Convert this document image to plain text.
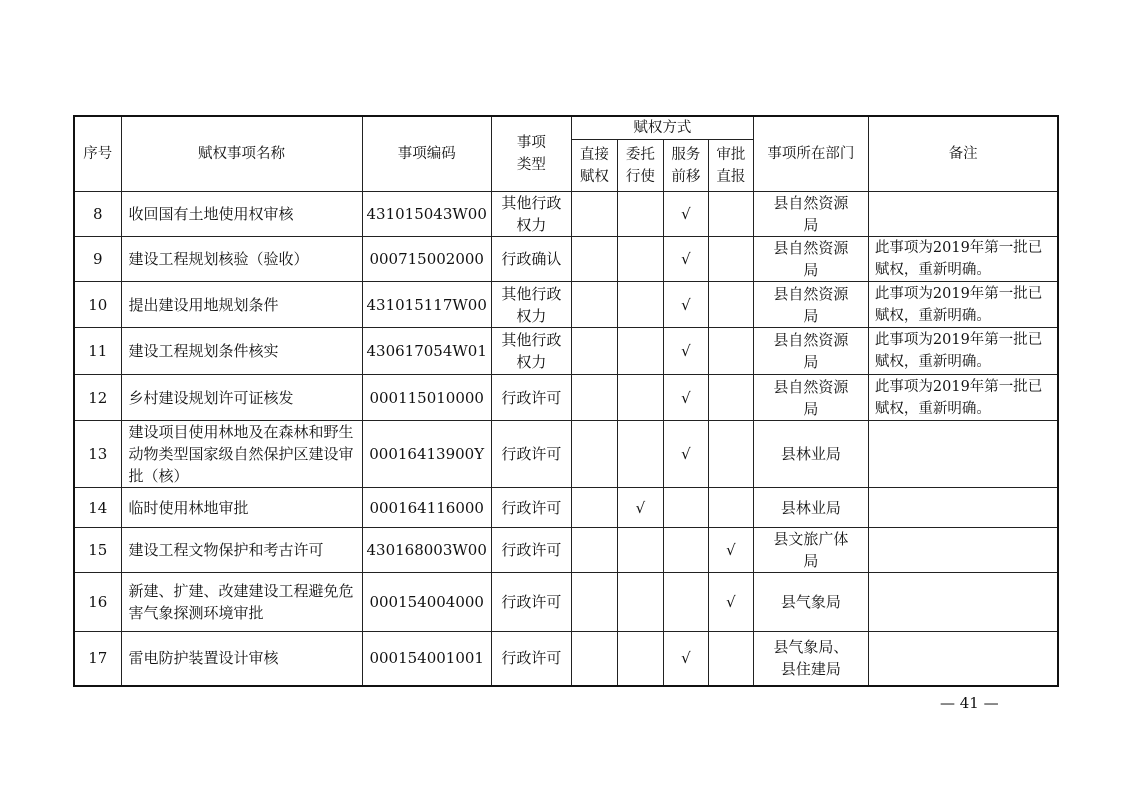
序号	赋权事项名称	事项编码	事项类型	赋权方式				事项所在部门	备注
				直接赋权	委托行使	服务前移	审批直报		
8	收回国有土地使用权审核	431015043W00	其他行政权力			√		县自然资源局	
9	建设工程规划核验（验收）	000715002000	行政确认			√		县自然资源局	此事项为2019年第一批已赋权，重新明确。
10	提出建设用地规划条件	431015117W00	其他行政权力			√		县自然资源局	此事项为2019年第一批已赋权，重新明确。
11	建设工程规划条件核实	430617054W01	其他行政权力			√		县自然资源局	此事项为2019年第一批已赋权，重新明确。
12	乡村建设规划许可证核发	000115010000	行政许可			√		县自然资源局	此事项为2019年第一批已赋权，重新明确。
13	建设项目使用林地及在森林和野生动物类型国家级自然保护区建设审批（核）	00016413900Y	行政许可			√		县林业局	
14	临时使用林地审批	000164116000	行政许可		√			县林业局	
15	建设工程文物保护和考古许可	430168003W00	行政许可				√	县文旅广体局	
16	新建、扩建、改建建设工程避免危害气象探测环境审批	000154004000	行政许可				√	县气象局	
17	雷电防护装置设计审核	000154001001	行政许可			√		县气象局、县住建局	
— 41 —
